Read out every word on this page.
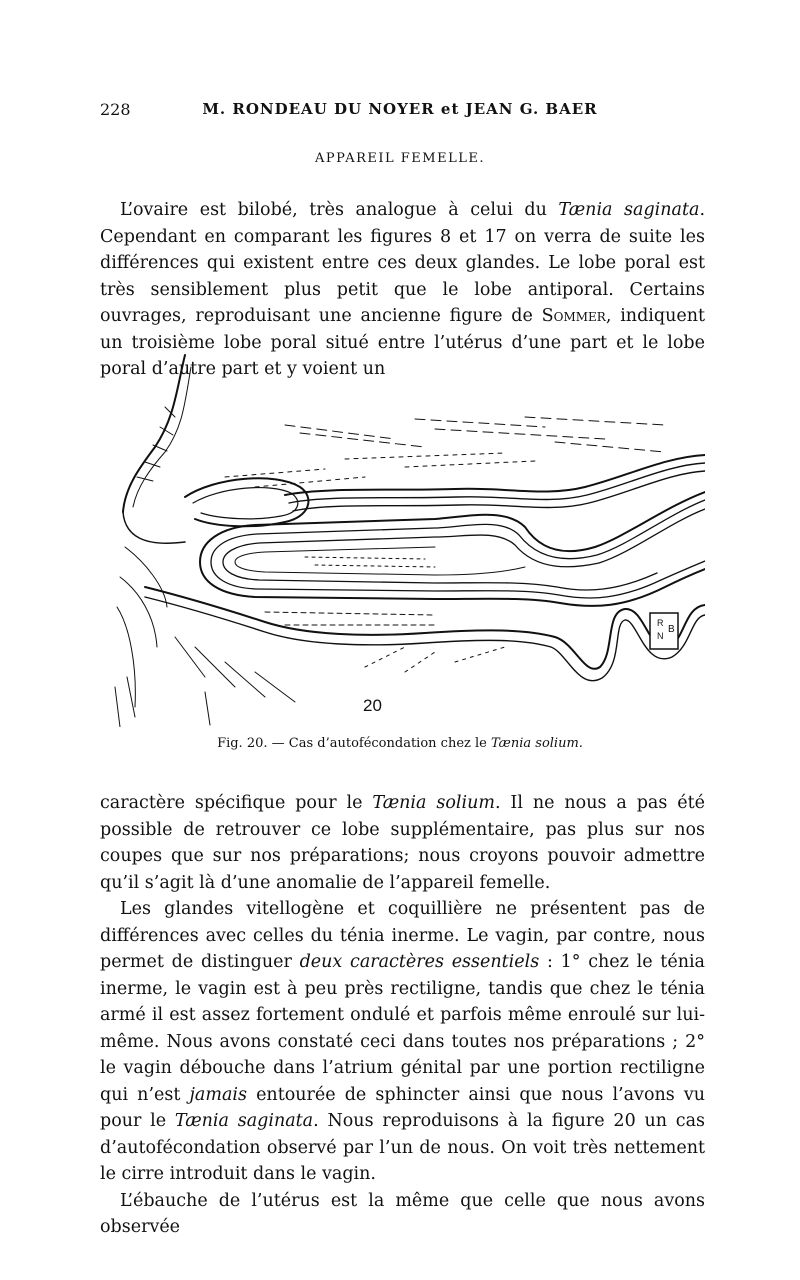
228	M. RONDEAU DU NOYER et JEAN G. BAER
APPAREIL FEMELLE.

L’ovaire est bilobé, très analogue à celui du Tænia saginata. Cependant en comparant les figures 8 et 17 on verra de suite les différences qui existent entre ces deux glandes. Le lobe poral est très sensiblement plus petit que le lobe antiporal. Certains ouvrages, reproduisant une ancienne figure de Sommer, indiquent un troisième lobe poral situé entre l’utérus d’une part et le lobe poral d’autre part et y voient un

R
N
B
20
Fig. 20. — Cas d’autofécondation chez le Tænia solium.

caractère spécifique pour le Tænia solium. Il ne nous a pas été possible de retrouver ce lobe supplémentaire, pas plus sur nos coupes que sur nos préparations; nous croyons pouvoir admettre qu’il s’agit là d’une anomalie de l’appareil femelle.

Les glandes vitellogène et coquillière ne présentent pas de différences avec celles du ténia inerme. Le vagin, par contre, nous permet de distinguer deux caractères essentiels : 1° chez le ténia inerme, le vagin est à peu près rectiligne, tandis que chez le ténia armé il est assez fortement ondulé et parfois même enroulé sur lui-même. Nous avons constaté ceci dans toutes nos préparations ; 2° le vagin débouche dans l’atrium génital par une portion rectiligne qui n’est jamais entourée de sphincter ainsi que nous l’avons vu pour le Tænia saginata. Nous reproduisons à la figure 20 un cas d’autofécondation observé par l’un de nous. On voit très nettement le cirre introduit dans le vagin.

L’ébauche de l’utérus est la même que celle que nous avons observée
